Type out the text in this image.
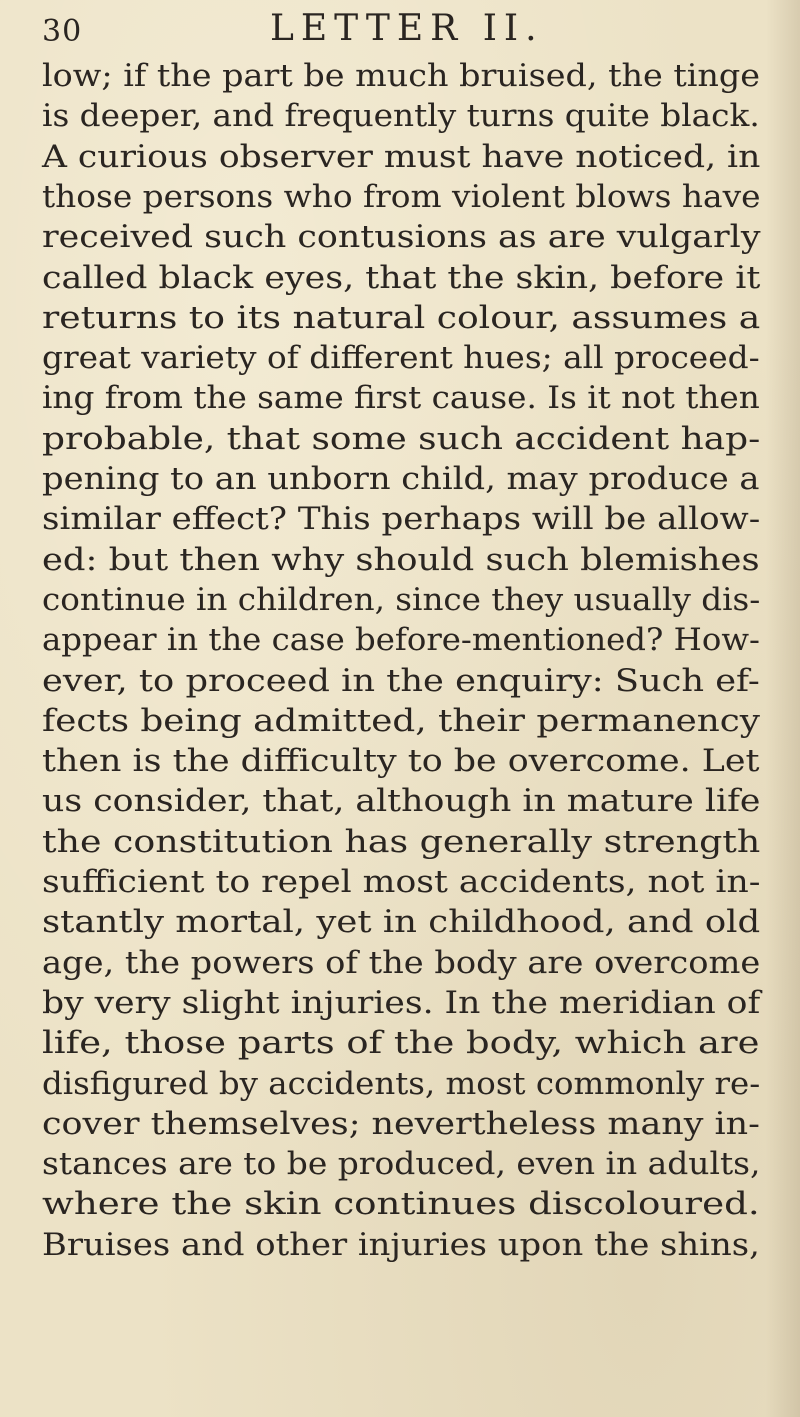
30	LETTER II.
low; if the part be much bruised, the tinge
is deeper, and frequently turns quite black.
A curious observer must have noticed, in
those persons who from violent blows have
received such contusions as are vulgarly
called black eyes, that the skin, before it
returns to its natural colour, assumes a
great variety of different hues; all proceed-
ing from the same first cause. Is it not then
probable, that some such accident hap-
pening to an unborn child, may produce a
similar effect? This perhaps will be allow-
ed: but then why should such blemishes
continue in children, since they usually dis-
appear in the case before-mentioned? How-
ever, to proceed in the enquiry: Such ef-
fects being admitted, their permanency
then is the difficulty to be overcome. Let
us consider, that, although in mature life
the constitution has generally strength
sufficient to repel most accidents, not in-
stantly mortal, yet in childhood, and old
age, the powers of the body are overcome
by very slight injuries. In the meridian of
life, those parts of the body, which are
disfigured by accidents, most commonly re-
cover themselves; nevertheless many in-
stances are to be produced, even in adults,
where the skin continues discoloured.
Bruises and other injuries upon the shins,
